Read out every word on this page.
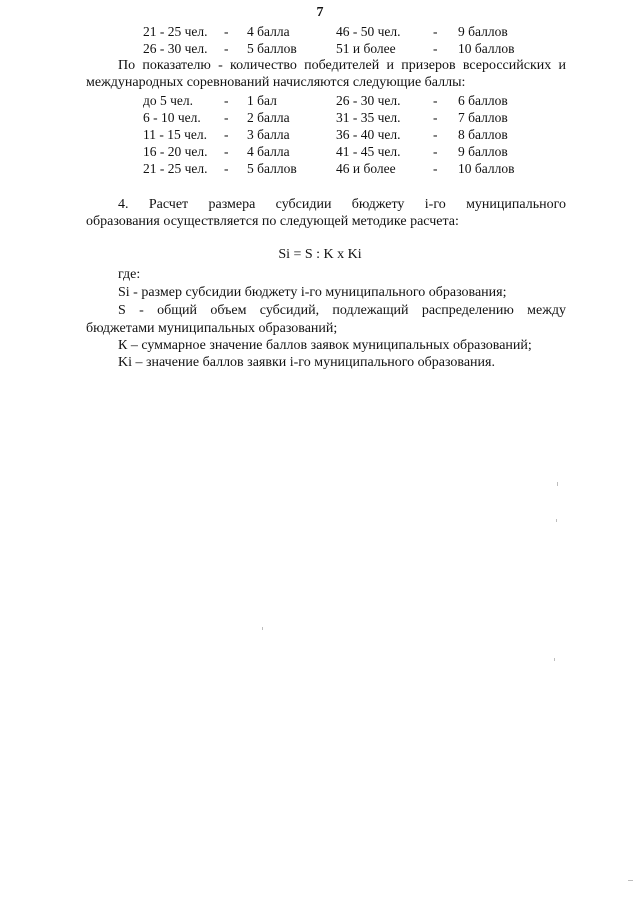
7
21 - 25 чел. - 4 балла	46 - 50 чел. - 9 баллов
26 - 30 чел. - 5 баллов	51 и более	- 10 баллов
По показателю - количество победителей и призеров всероссийских и
международных соревнований начисляются следующие баллы:
до 5 чел. - 1 бал	26 - 30 чел. - 6 баллов
6 - 10 чел. - 2 балла	31 - 35 чел. - 7 баллов
11 - 15 чел. - 3 балла	36 - 40 чел. - 8 баллов
16 - 20 чел. - 4 балла	41 - 45 чел. - 9 баллов
21 - 25 чел. - 5 баллов	46 и более	- 10 баллов
4. Расчет размера субсидии бюджету i-го муниципального
образования осуществляется по следующей методике расчета:
Si = S : K x Ki
где:
Si - размер субсидии бюджету i-го муниципального образования;
S - общий объем субсидий, подлежащий распределению между
бюджетами муниципальных образований;
К – суммарное значение баллов заявок муниципальных образований;
Ki – значение баллов заявки i-го муниципального образования.
